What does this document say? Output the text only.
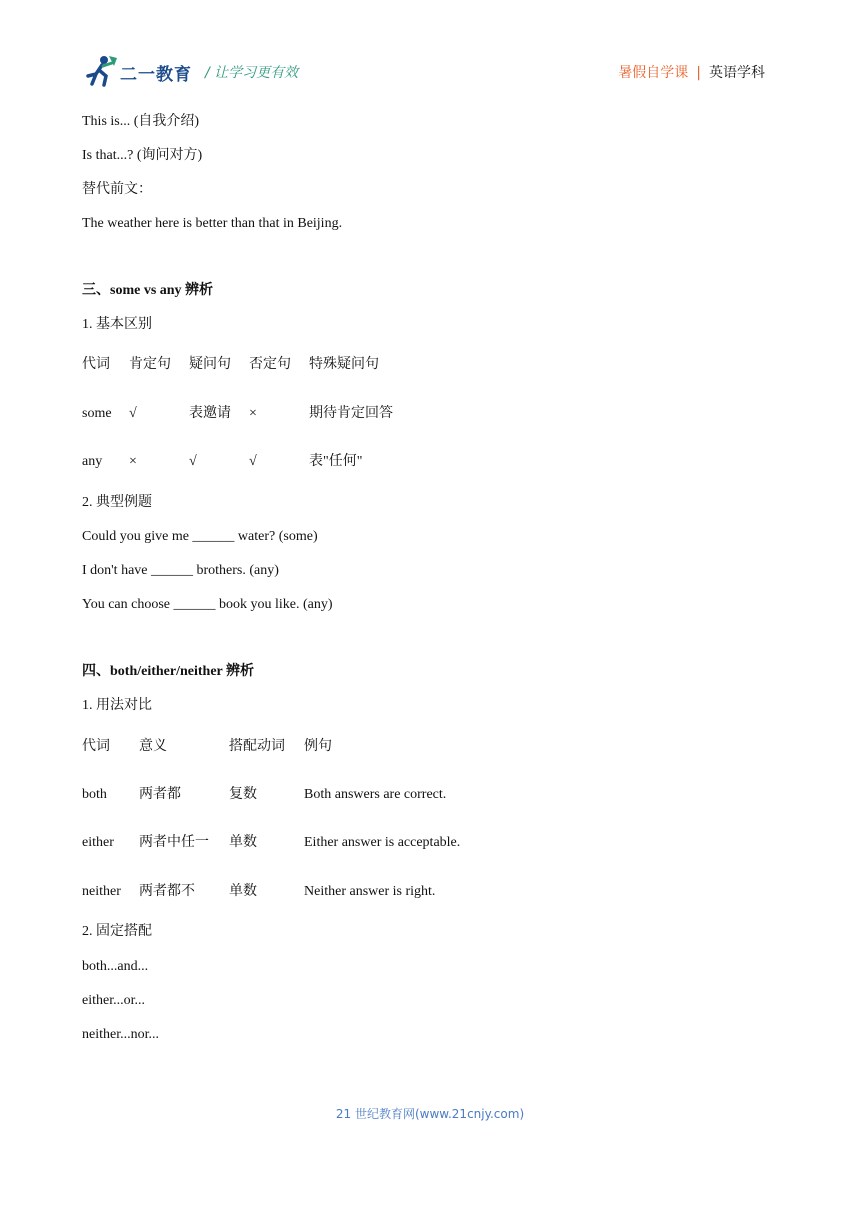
二一教育 / 让学习更有效	暑假自学课 | 英语学科
This is... (自我介绍)
Is that...? (询问对方)
替代前文：
The weather here is better than that in Beijing.
三、some vs any 辨析
1. 基本区别
代词 肯定句 疑问句 否定句 特殊疑问句
some √	表邀请 ×	期待肯定回答
any ×	√	√	表"任何"
2. 典型例题
Could you give me ______ water? (some)
I don't have ______ brothers. (any)
You can choose ______ book you like. (any)
四、both/either/neither 辨析
1. 用法对比
代词 意义	搭配动词 例句
both 两者都	复数	Both answers are correct.
either 两者中任一 单数	Either answer is acceptable.
neither 两者都不 单数	Neither answer is right.
2. 固定搭配
both...and...
either...or...
neither...nor...
21 世纪教育网(www.21cnjy.com)
